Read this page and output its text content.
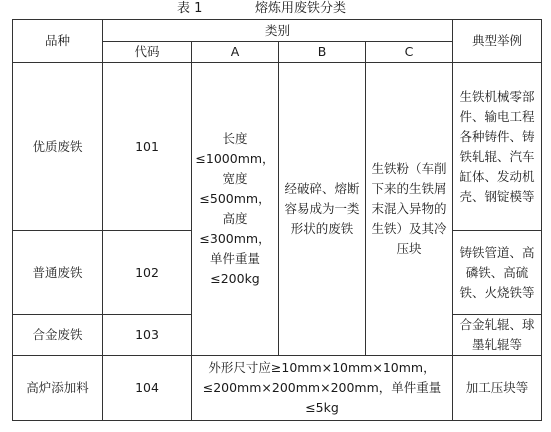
表 1

	熔炼用废铁分类

品种	类别				典型举例
	代码	A	B	C	
优质废铁	101	长度≤1000mm，宽度≤500mm，高度≤300mm，单件重量≤200kg	经破碎、熔断容易成为一类形状的废铁	生铁粉（车削下来的生铁屑末混入异物的生铁）及其冷压块	生铁机械零部件、输电工程各种铸件、铸铁轧辊、汽车缸体、发动机壳、钢锭模等
普通废铁	102				铸铁管道、高磷铁、高硫铁、火烧铁等
合金废铁	103				合金轧辊、球墨轧辊等
高炉添加料	104	外形尺寸应≥10mm×10mm×10mm，≤200mm×200mm×200mm，单件重量≤5kg			加工压块等
